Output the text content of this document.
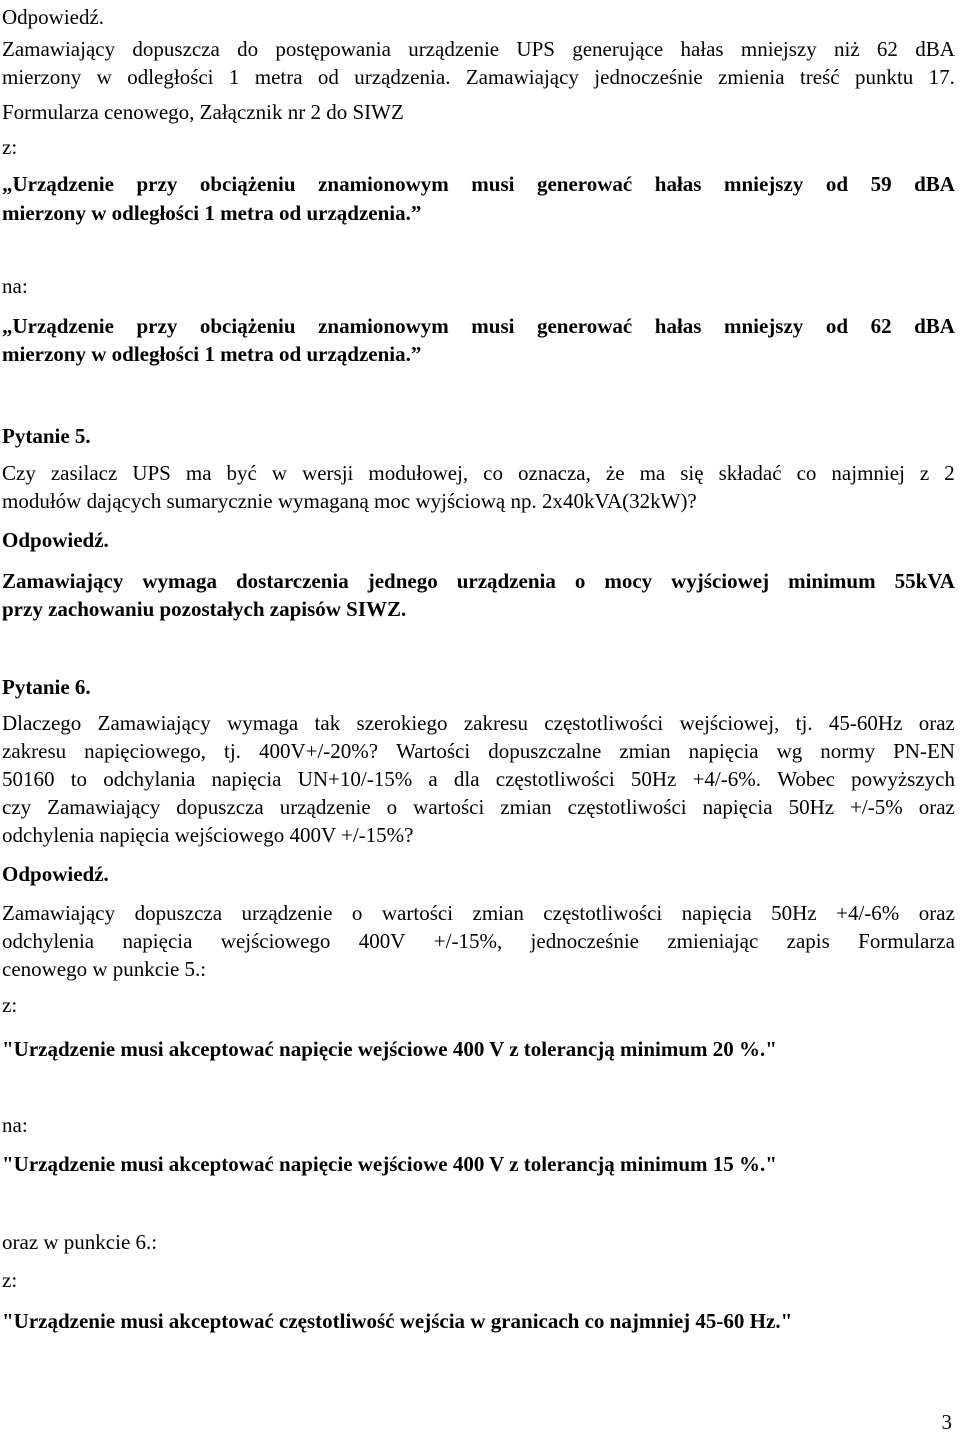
Odpowiedź.
Zamawiający dopuszcza do postępowania urządzenie UPS generujące hałas mniejszy niż 62 dBA
mierzony w odległości 1 metra od urządzenia. Zamawiający jednocześnie zmienia treść punktu 17.
Formularza cenowego, Załącznik nr 2 do SIWZ
z:
„Urządzenie przy obciążeniu znamionowym musi generować hałas mniejszy od 59 dBA
mierzony w odległości 1 metra od urządzenia.”
na:
„Urządzenie przy obciążeniu znamionowym musi generować hałas mniejszy od 62 dBA
mierzony w odległości 1 metra od urządzenia.”
Pytanie 5.
Czy zasilacz UPS ma być w wersji modułowej, co oznacza, że ma się składać co najmniej z 2
modułów dających sumarycznie wymaganą moc wyjściową np. 2x40kVA(32kW)?
Odpowiedź.
Zamawiający wymaga dostarczenia jednego urządzenia o mocy wyjściowej minimum 55kVA
przy zachowaniu pozostałych zapisów SIWZ.
Pytanie 6.
Dlaczego Zamawiający wymaga tak szerokiego zakresu częstotliwości wejściowej, tj. 45-60Hz oraz
zakresu napięciowego, tj. 400V+/-20%? Wartości dopuszczalne zmian napięcia wg normy PN-EN
50160 to odchylania napięcia UN+10/-15% a dla częstotliwości 50Hz +4/-6%. Wobec powyższych
czy Zamawiający dopuszcza urządzenie o wartości zmian częstotliwości napięcia 50Hz +/-5% oraz
odchylenia napięcia wejściowego 400V +/-15%?
Odpowiedź.
Zamawiający dopuszcza urządzenie o wartości zmian częstotliwości napięcia 50Hz +4/-6% oraz
odchylenia napięcia wejściowego 400V +/-15%, jednocześnie zmieniając zapis Formularza
cenowego w punkcie 5.:
z:
"Urządzenie musi akceptować napięcie wejściowe 400 V z tolerancją minimum 20 %."
na:
"Urządzenie musi akceptować napięcie wejściowe 400 V z tolerancją minimum 15 %."
oraz w punkcie 6.:
z:
"Urządzenie musi akceptować częstotliwość wejścia w granicach co najmniej 45-60 Hz."
3
